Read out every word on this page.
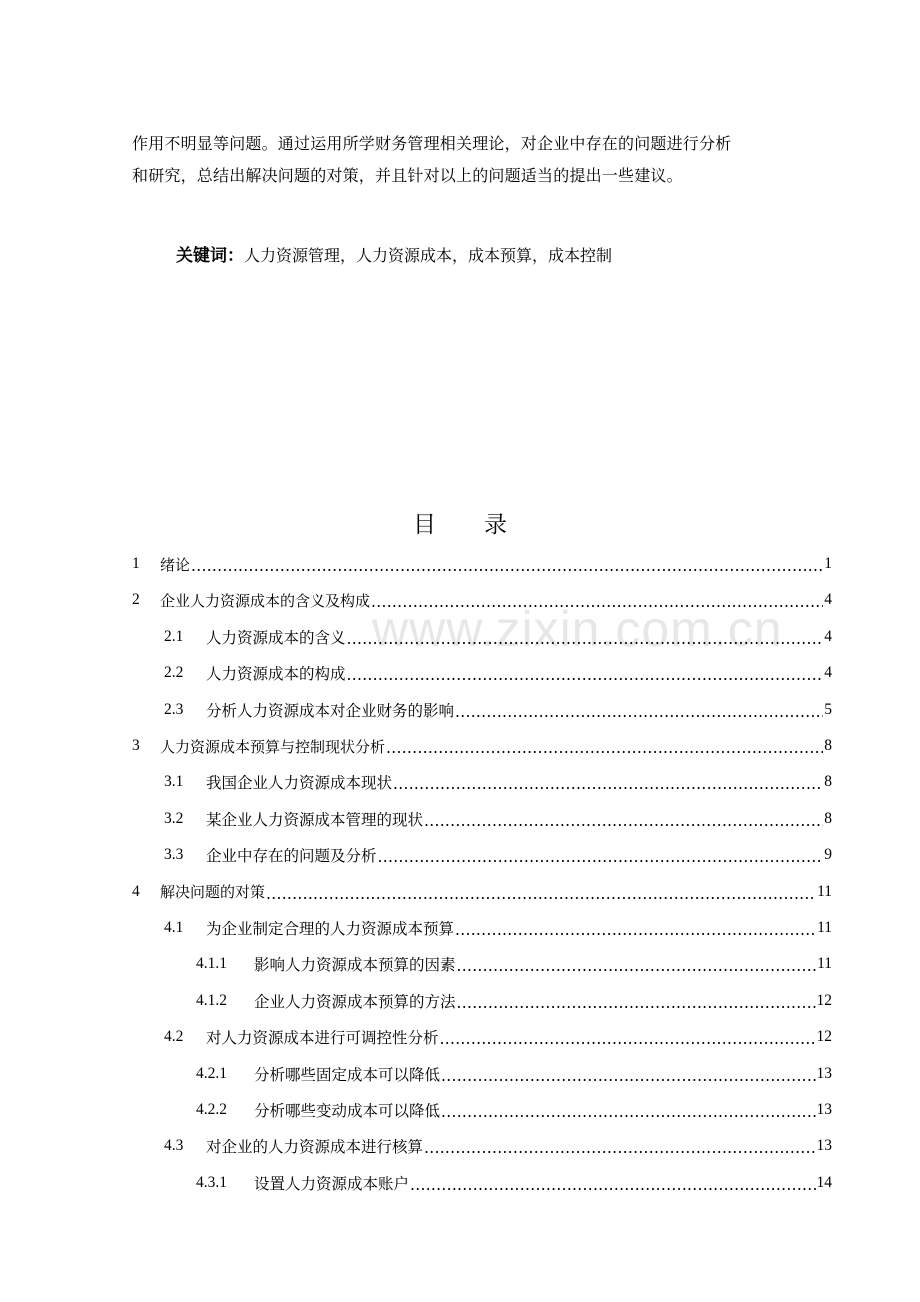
作用不明显等问题。通过运用所学财务管理相关理论，对企业中存在的问题进行分析

和研究，总结出解决问题的对策，并且针对以上的问题适当的提出一些建议。

关键词：人力资源管理，人力资源成本，成本预算，成本控制
目录
www.zixin.com.cn
1	绪论 .....	1
2	企业人力资源成本的含义及构成 .....	4
2.1	人力资源成本的含义 .....	4
2.2	人力资源成本的构成 .....	4
2.3	分析人力资源成本对企业财务的影响 .....	5
3	人力资源成本预算与控制现状分析 .....	8
3.1	我国企业人力资源成本现状 .....	8
3.2	某企业人力资源成本管理的现状 .....	8
3.3	企业中存在的问题及分析 .....	9
4	解决问题的对策 .....	11
4.1	为企业制定合理的人力资源成本预算 .....	11
4.1.1	影响人力资源成本预算的因素 .....	11
4.1.2	企业人力资源成本预算的方法 .....	12
4.2	对人力资源成本进行可调控性分析 .....	12
4.2.1	分析哪些固定成本可以降低 .....	13
4.2.2	分析哪些变动成本可以降低 .....	13
4.3	对企业的人力资源成本进行核算 .....	13
4.3.1	设置人力资源成本账户 .....	14
